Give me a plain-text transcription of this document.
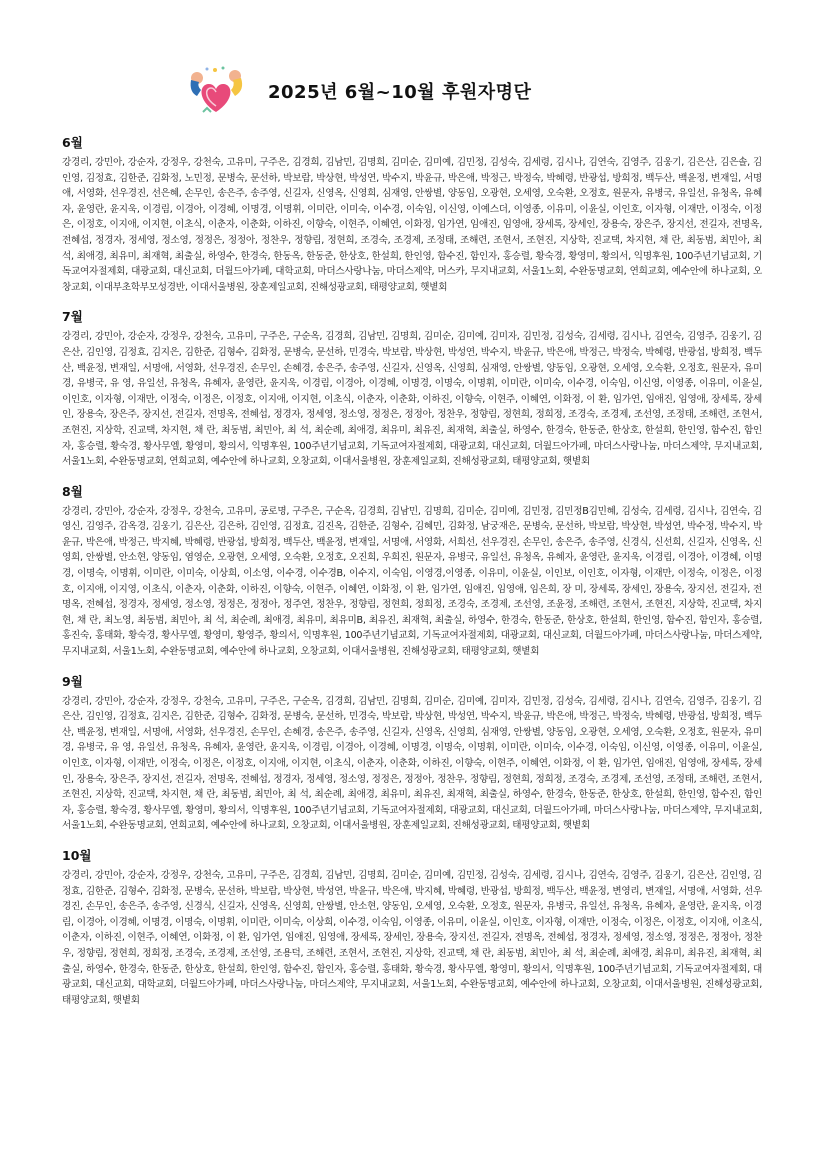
2025년 6월~10월 후원자명단
6월
강경리, 강민아, 강순자, 강정우, 강천숙, 고유미, 구주은, 김경희, 김남민, 김명희, 김미순, 김미예, 김민정, 김성숙, 김세령, 김시나, 김연숙, 김영주, 김웅기, 김은산, 김은솔, 김인영, 김정효, 김한준, 김화정, 노민정, 문병숙, 문선하, 박보람, 박상현, 박성연, 박수지, 박윤규, 박은애, 박정근, 박정숙, 박혜령, 반광섭, 방희정, 백두산, 백윤정, 변재일, 서명애, 서영화, 선우경진, 선은혜, 손무인, 송은주, 송주영, 신길자, 신영옥, 신영희, 심재영, 안쌍별, 양동임, 오광현, 오세영, 오숙환, 오정호, 원문자, 유병국, 유일선, 유청옥, 유혜자, 윤영란, 윤지욱, 이경림, 이경아, 이경혜, 이명경, 이명휘, 이미란, 이미숙, 이수경, 이숙임, 이신영, 이예스더, 이영종, 이유미, 이윤실, 이인호, 이자형, 이재만, 이정숙, 이정은, 이정호, 이지애, 이지현, 이초식, 이춘자, 이춘화, 이하진, 이향숙, 이현주, 이혜연, 이화정, 임가연, 임애진, 임영애, 장세록, 장세인, 장용숙, 장은주, 장지선, 전길자, 전명옥, 전혜섭, 정경자, 정세영, 정소영, 정정은, 정정아, 정찬우, 정향림, 정현희, 조경숙, 조경제, 조정태, 조해련, 조현서, 조현진, 지상학, 진교택, 차지현, 채 란, 최동범, 최민아, 최 석, 최애경, 최유미, 최재혁, 최출실, 하영수, 한경숙, 한동옥, 한동준, 한상호, 한설희, 한인영, 함수진, 함인자, 홍승렬, 황숙경, 황영미, 황의서, 익명후원, 100주년기념교회, 기독교여자절제회, 대광교회, 대신교회, 더월드아가페, 대학교회, 마더스사랑나눔, 마더스제약, 머스카, 무지내교회, 서울1노회, 수완동명교회, 연희교회, 예수안에 하나교회, 오창교회, 이대부초학부모성경반, 이대서울병원, 장훈제일교회, 진해성광교회, 태평양교회, 햇볕회
7월
강경리, 강민아, 강순자, 강정우, 강천숙, 고유미, 구주은, 구순옥, 김경희, 김남민, 김명희, 김미순, 김미예, 김미자, 김민정, 김성숙, 김세령, 김시나, 김연숙, 김영주, 김웅기, 김은산, 김인영, 김정효, 김지은, 김한준, 김형수, 김화정, 문병숙, 문선하, 민경숙, 박보람, 박상현, 박성연, 박수지, 박윤규, 박은애, 박정근, 박정숙, 박혜령, 반광섭, 방희정, 백두산, 백윤정, 변재일, 서명애, 서영화, 선우경진, 손무인, 손혜경, 송은주, 송주영, 신길자, 신영옥, 신영희, 심재영, 안쌍별, 양동임, 오광현, 오세영, 오숙환, 오정호, 원문자, 유미경, 유병국, 유 영, 유일선, 유청옥, 유혜자, 윤영란, 윤지욱, 이경림, 이경아, 이경혜, 이명경, 이명숙, 이명휘, 이미란, 이미숙, 이수경, 이숙임, 이신영, 이영종, 이유미, 이윤실, 이인호, 이자형, 이재만, 이정숙, 이정은, 이정호, 이지애, 이지현, 이초식, 이춘자, 이춘화, 이하진, 이향숙, 이현주, 이혜연, 이화정, 이 환, 임가연, 임애진, 임영애, 장세록, 장세인, 장용숙, 장은주, 장지선, 전길자, 전명옥, 전혜섭, 정경자, 정세영, 정소영, 정정은, 정정아, 정찬우, 정향림, 정현희, 정희정, 조경숙, 조경제, 조선영, 조정태, 조해련, 조현서, 조현진, 지상학, 진교택, 차지현, 채 란, 최동범, 최민아, 최 석, 최순례, 최애경, 최유미, 최유진, 최재혁, 최출실, 하영수, 한경숙, 한동준, 한상호, 한설희, 한인영, 함수진, 함인자, 홍승렬, 황숙경, 황사무엘, 황영미, 황의서, 익명후원, 100주년기념교회, 기독교여자절제회, 대광교회, 대신교회, 더월드아가페, 마더스사랑나눔, 마더스제약, 무지내교회, 서울1노회, 수완동명교회, 연희교회, 예수안에 하나교회, 오창교회, 이대서울병원, 장훈제일교회, 진해성광교회, 태평양교회, 햇볕회
8월
강경리, 강민아, 강순자, 강정우, 강천숙, 고유미, 공로명, 구주은, 구순옥, 김경희, 김남민, 김명희, 김미순, 김미예, 김민정, 김민정B김민혜, 김성숙, 김세령, 김시나, 김연숙, 김영신, 김영주, 감옥경, 김웅기, 김은산, 김은하, 김인영, 김정효, 김진옥, 김한준, 김형수, 김혜민, 김화정, 남궁재은, 문병숙, 문선하, 박보람, 박상현, 박성연, 박수정, 박수지, 박윤규, 박은애, 박정근, 박지혜, 박혜령, 반광섭, 방희정, 백두산, 백윤정, 변재일, 서명애, 서영화, 서희선, 선우경진, 손무인, 송은주, 송주영, 신경식, 신선희, 신길자, 신영옥, 신영희, 안쌍별, 안소현, 양동임, 염영순, 오광현, 오세영, 오숙환, 오정호, 오진희, 우희진, 원문자, 유병국, 유일선, 유청옥, 유혜자, 윤영란, 윤지욱, 이경림, 이경아, 이경혜, 이명경, 이명숙, 이명휘, 이미란, 이미숙, 이상희, 이소영, 이수경, 이수경B, 이수지, 이숙임, 이영경,이영종, 이유미, 이윤실, 이인보, 이인호, 이자형, 이재만, 이정숙, 이정은, 이정호, 이지애, 이지영, 이초식, 이춘자, 이춘화, 이하진, 이향숙, 이현주, 이혜연, 이화정, 이 환, 임가연, 임애진, 임영애, 임은희, 장 미, 장세록, 장세인, 장용숙, 장지선, 전길자, 전명옥, 전혜섭, 정경자, 정세영, 정소영, 정정은, 정정아, 정주연, 정찬우, 정향림, 정현희, 정희정, 조경숙, 조경제, 조선영, 조윤정, 조해련, 조현서, 조현진, 지상학, 진교택, 차지현, 채 란, 최노영, 최동범, 최민아, 최 석, 최순례, 최애경, 최유미, 최유미B, 최유진, 최재혁, 최출실, 하영수, 한경숙, 한동준, 한상호, 한설희, 한인영, 함수진, 함인자, 홍승렬, 홍진숙, 홍태화, 황숙경, 황사무엘, 황영미, 황영주, 황의서, 익명후원, 100주년기념교회, 기독교여자절제회, 대광교회, 대신교회, 더월드아가페, 마더스사랑나눔, 마더스제약, 무지내교회, 서울1노회, 수완동명교회, 예수안에 하나교회, 오창교회, 이대서울병원, 진해성광교회, 태평양교회, 햇볕회
9월
강경리, 강민아, 강순자, 강정우, 강천숙, 고유미, 구주은, 구순옥, 김경희, 김남민, 김명희, 김미순, 김미예, 김미자, 김민정, 김성숙, 김세령, 김시나, 김연숙, 김영주, 김웅기, 김은산, 김인영, 김정효, 김지은, 김한준, 김형수, 김화정, 문병숙, 문선하, 민경숙, 박보람, 박상현, 박성연, 박수지, 박윤규, 박은애, 박정근, 박정숙, 박혜령, 반광섭, 방희정, 백두산, 백윤정, 변재일, 서명애, 서영화, 선우경진, 손무인, 손혜경, 송은주, 송주영, 신길자, 신영옥, 신영희, 심재영, 안쌍별, 양동임, 오광현, 오세영, 오숙환, 오정호, 원문자, 유미경, 유병국, 유 영, 유일선, 유청옥, 유혜자, 윤영란, 윤지욱, 이경림, 이경아, 이경혜, 이명경, 이명숙, 이명휘, 이미란, 이미숙, 이수경, 이숙임, 이신영, 이영종, 이유미, 이윤실, 이인호, 이자형, 이재만, 이정숙, 이정은, 이정호, 이지애, 이지현, 이초식, 이춘자, 이춘화, 이하진, 이향숙, 이현주, 이혜연, 이화정, 이 환, 임가연, 임애진, 임영애, 장세록, 장세인, 장용숙, 장은주, 장지선, 전길자, 전명옥, 전혜섭, 정경자, 정세영, 정소영, 정정은, 정정아, 정찬우, 정향림, 정현희, 정희정, 조경숙, 조경제, 조선영, 조정태, 조해련, 조현서, 조현진, 지상학, 진교택, 차지현, 채 란, 최동범, 최민아, 최 석, 최순례, 최애경, 최유미, 최유진, 최재혁, 최출실, 하영수, 한경숙, 한동준, 한상호, 한설희, 한인영, 함수진, 함인자, 홍승렬, 황숙경, 황사무엘, 황영미, 황의서, 익명후원, 100주년기념교회, 기독교여자절제회, 대광교회, 대신교회, 더월드아가페, 마더스사랑나눔, 마더스제약, 무지내교회, 서울1노회, 수완동명교회, 연희교회, 예수안에 하나교회, 오창교회, 이대서울병원, 장훈제일교회, 진해성광교회, 태평양교회, 햇볕회
10월
강경리, 강민아, 강순자, 강정우, 강천숙, 고유미, 구주은, 김경희, 김남민, 김명희, 김미순, 김미예, 김민정, 김성숙, 김세령, 김시나, 김연숙, 김영주, 김웅기, 김은산, 김인영, 김정효, 김한준, 김형수, 김화정, 문병숙, 문선하, 박보람, 박상현, 박성연, 박윤규, 박은애, 박지혜, 박혜령, 반광섭, 방희정, 백두산, 백윤정, 변영리, 변재일, 서명애, 서영화, 선우경진, 손무인, 송은주, 송주영, 신경식, 신길자, 신영옥, 신영희, 안쌍별, 안소현, 양동임, 오세영, 오숙환, 오정호, 원문자, 유병국, 유일선, 유청옥, 유혜자, 윤영란, 윤지욱, 이경림, 이경아, 이경혜, 이명경, 이명숙, 이명휘, 이미란, 이미숙, 이상희, 이수경, 이숙임, 이영종, 이유미, 이윤실, 이인호, 이자형, 이재만, 이정숙, 이정은, 이정호, 이지애, 이초식, 이춘자, 이하진, 이현주, 이혜연, 이화정, 이 환, 임가연, 임애진, 임영애, 장세록, 장세인, 장용숙, 장지선, 전길자, 전명옥, 전혜섭, 정경자, 정세영, 정소영, 정정은, 정정아, 정찬우, 정향림, 정현희, 정희정, 조경숙, 조경제, 조선영, 조용덕, 조해련, 조현서, 조현진, 지상학, 진교택, 채 란, 최동범, 최민아, 최 석, 최순례, 최애경, 최유미, 최유진, 최재혁, 최출실, 하영수, 한경숙, 한동준, 한상호, 한설희, 한인영, 함수진, 함인자, 홍승렬, 홍태화, 황숙경, 황사무엘, 황영미, 황의서, 익명후원, 100주년기념교회, 기독교여자절제회, 대광교회, 대신교회, 대학교회, 더월드아가페, 마더스사랑나눔, 마더스제약, 무지내교회, 서울1노회, 수완동명교회, 예수안에 하나교회, 오창교회, 이대서울병원, 진해성광교회, 태평양교회, 햇볕회
